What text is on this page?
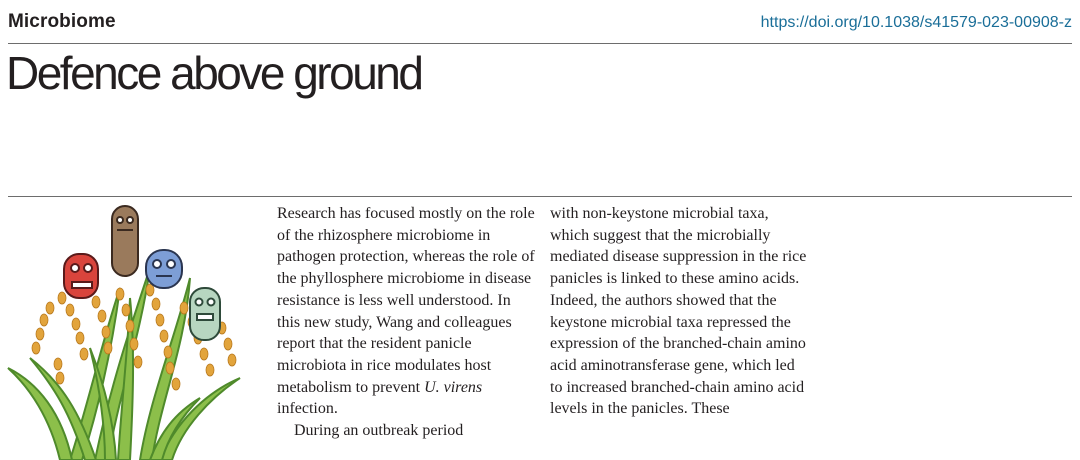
Microbiome	https://doi.org/10.1038/s41579-023-00908-z
Defence above ground

Research has focused mostly on the role of the rhizosphere microbiome in pathogen protection, whereas the role of the phyllosphere microbiome in disease resistance is less well understood. In this new study, Wang and colleagues report that the resident panicle microbiota in rice modulates host metabolism to prevent U. virens infection.

During an outbreak period

with non-keystone microbial taxa, which suggest that the microbially mediated disease suppression in the rice panicles is linked to these amino acids. Indeed, the authors showed that the keystone microbial taxa repressed the expression of the branched-chain amino acid aminotransferase gene, which led to increased branched-chain amino acid levels in the panicles. These
